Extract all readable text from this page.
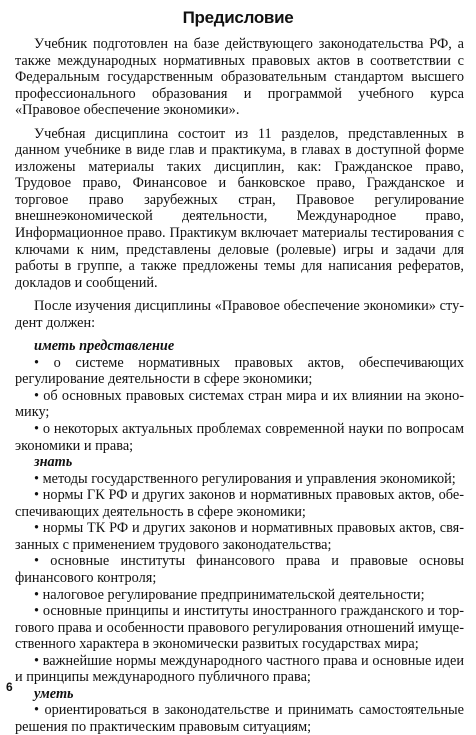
Предисловие

Учебник подготовлен на базе действующего законодательства РФ, а также международных нормативных правовых актов в соответствии с Федеральным государственным образовательным стандартом высшего профессионального образования и программой учебного курса «Правовое обеспечение экономики».

Учебная дисциплина состоит из 11 разделов, представленных в данном учебнике в виде глав и практикума, в главах в доступной форме изложены материалы таких дисциплин, как: Гражданское право, Трудовое право, Финансовое и банковское право, Гражданское и торговое право зарубежных стран, Правовое регулирование внешнеэкономической деятельности, Международное право, Информационное право. Практикум включает материалы тестирования с ключами к ним, представлены деловые (ролевые) игры и задачи для работы в группе, а также предложены темы для написания рефератов, докладов и сообщений.

После изучения дисциплины «Правовое обеспечение экономики» студент должен:

иметь представление

• о системе нормативных правовых актов, обеспечивающих регулирование деятельности в сфере экономики;

• об основных правовых системах стран мира и их влиянии на экономику;

• о некоторых актуальных проблемах современной науки по вопросам экономики и права;

знать

• методы государственного регулирования и управления экономикой;

• нормы ГК РФ и других законов и нормативных правовых актов, обеспечивающих деятельность в сфере экономики;

• нормы ТК РФ и других законов и нормативных правовых актов, связанных с применением трудового законодательства;

• основные институты финансового права и правовые основы финансового контроля;

• налоговое регулирование предпринимательской деятельности;

• основные принципы и институты иностранного гражданского и торгового права и особенности правового регулирования отношений имущественного характера в экономически развитых государствах мира;

• важнейшие нормы международного частного права и основные идеи и принципы международного публичного права;

уметь

• ориентироваться в законодательстве и принимать самостоятельные решения по практическим правовым ситуациям;

6
